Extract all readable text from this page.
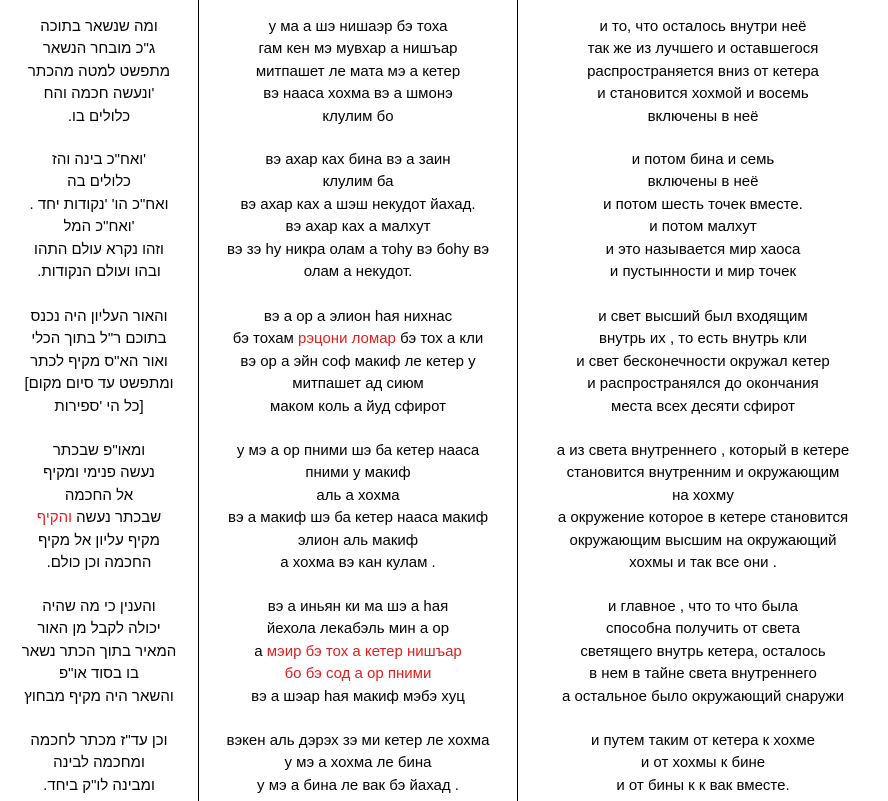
ומה שנשאר בתוכה
ג"כ מובחר הנשאר
מתפשט למטה מהכתר
'ונעשה חכמה והח
כלולים בו.
'ואח"כ בינה והז
כלולים בה
ואח"כ הו' 'נקודות יחד .
'ואח"כ המל
וזהו נקרא עולם התהו
ובהו ועולם הנקודות.
והאור העליון היה נכנס
בתוכם ר"ל בתוך הכלי
ואור הא"ס מקיף לכתר
ומתפשט עד סיום מקום]
[כל הי 'ספירות
ומאו"פ שבכתר
נעשה פנימי ומקיף
אל החכמה
שבכתר נעשה והקיף
מקיף עליון אל מקיף
החכמה וכן כולם.
והענין כי מה שהיה
יכולה לקבל מן האור
המאיר בתוך הכתר נשאר
בו בסוד או"פ
והשאר היה מקיף מבחוץ
וכן עד"ז מכתר לחכמה
ומחכמה לבינה
ומבינה לו"ק ביחד.
у ма а шэ нишаэр бэ тоха
гам кен мэ мувхар а нишъар
митпашет ле мата мэ а кетер
вэ нааса хохма вэ а шмонэ
клулим бо
вэ ахар ках бина вэ а заин
клулим ба
вэ ахар ках а шэш некудот йахад.
вэ ахар ках а малхут
вэ зэ hу никра олам а тоhу вэ боhу вэ
олам а некудот.
вэ а ор а элион hая нихнас
бэ тохам рэцони ломар бэ тох а кли
вэ ор а эйн соф макиф ле кетер у
митпашет ад сиюм
маком коль а йуд сфирот
у мэ а ор пними шэ ба кетер нааса
пними у макиф
аль а хохма
вэ а макиф шэ ба кетер нааса макиф
элион аль макиф
а хохма вэ кан кулам .
вэ а иньян ки ма шэ а hая
йехола лекабэль мин а ор
а мэир бэ тох а кетер нишъар
бо бэ сод а ор пними
вэ а шэар hая макиф мэбэ хуц
вэкен аль дэрэх зэ ми кетер ле хохма
у мэ а хохма ле бина
у мэ а бина ле вак бэ йахад .
и то, что осталось внутри неё
так же из лучшего и оставшегося
распространяется вниз от кетера
и становится хохмой и восемь
включены в неё
и потом бина и семь
включены в неё
и потом шесть точек вместе.
и потом малхут
и это называется мир хаоса
и пустынности и мир точек
и свет высший был входящим
внутрь их , то есть внутрь кли
и свет бесконечности окружал кетер
и распространялся до окончания
места всех десяти сфирот
а из света внутреннего , который в кетере
становится внутренним и окружающим
на хохму
а окружение которое в кетере становится
окружающим высшим на окружающий
хохмы и так все они .
и главное , что то что была
способна получить от света
светящего внутрь кетера, осталось
в нем в тайне света внутреннего
а остальное было окружающий снаружи
и путем таким от кетера к хохме
и от хохмы к бине
и от бины к к вак вместе.
